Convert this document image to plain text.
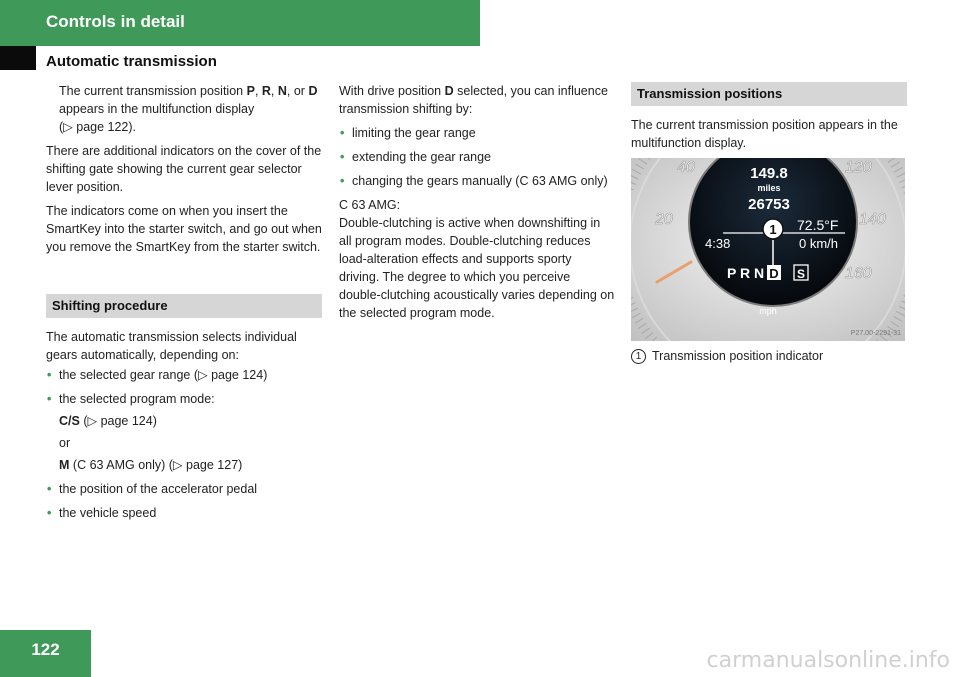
Controls in detail
Automatic transmission

The current transmission position P, R, N, or D appears in the multifunction display
(▷ page 122).

There are additional indicators on the cover of the shifting gate showing the current gear selector lever position.

The indicators come on when you insert the SmartKey into the starter switch, and go out when you remove the SmartKey from the starter switch.

Shifting procedure

The automatic transmission selects individual gears automatically, depending on:

• the selected gear range (▷ page 124)
• the selected program mode:
C/S (▷ page 124)
or
M (C 63 AMG only) (▷ page 127)
• the position of the accelerator pedal
• the vehicle speed

With drive position D selected, you can influence transmission shifting by:

• limiting the gear range
• extending the gear range
• changing the gears manually (C 63 AMG only)

C 63 AMG:
Double-clutching is active when downshifting in all program modes. Double-clutching reduces load-alteration effects and supports sporty driving. The degree to which you perceive double-clutching acoustically varies depending on the selected program mode.

Transmission positions

The current transmission position appears in the multifunction display.

40
20
120
140
160
149.8
miles
26753
72.5°F
4:38	0 km/h
1
P R N D S
mph
P27.00-2291-31
1 Transmission position indicator
122	carmanualsonline.info
